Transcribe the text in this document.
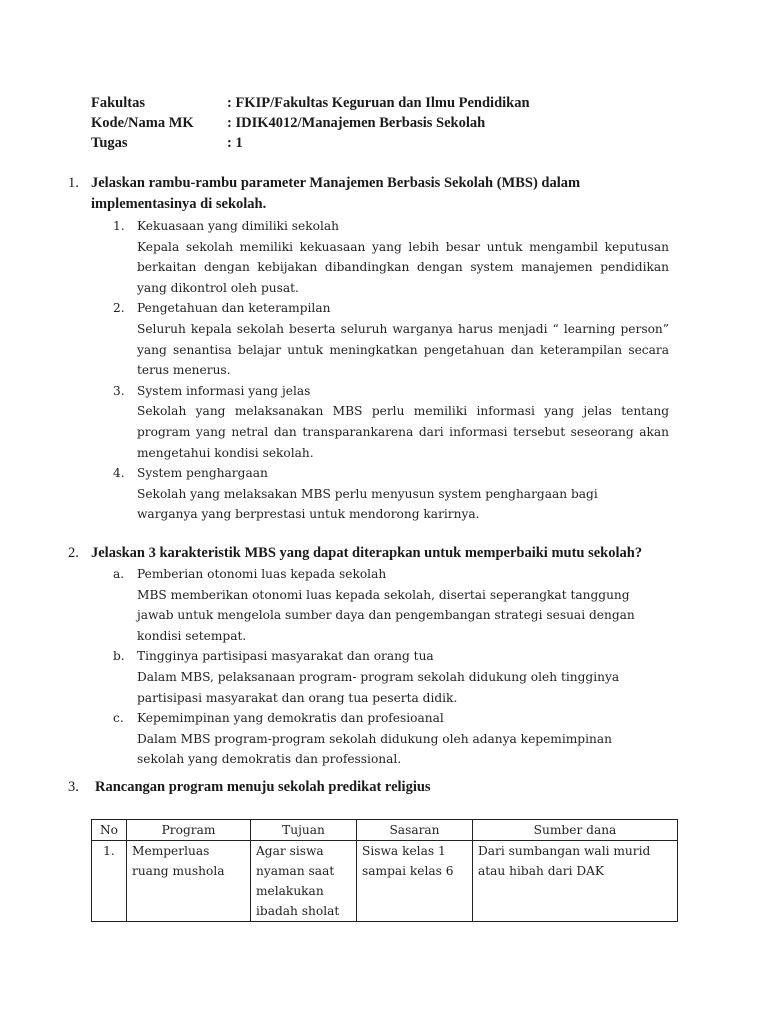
Fakultas	: FKIP/Fakultas Keguruan dan Ilmu Pendidikan
Kode/Nama MK : IDIK4012/Manajemen Berbasis Sekolah
Tugas	: 1
1. Jelaskan rambu-rambu parameter Manajemen Berbasis Sekolah (MBS) dalam
implementasinya di sekolah.
1. Kekuasaan yang dimiliki sekolah
Kepala sekolah memiliki kekuasaan yang lebih besar untuk mengambil keputusan berkaitan dengan kebijakan dibandingkan dengan system manajemen pendidikan yang dikontrol oleh pusat.
2. Pengetahuan dan keterampilan
Seluruh kepala sekolah beserta seluruh warganya harus menjadi “ learning person” yang senantisa belajar untuk meningkatkan pengetahuan dan keterampilan secara terus menerus.
3. System informasi yang jelas
Sekolah yang melaksanakan MBS perlu memiliki informasi yang jelas tentang program yang netral dan transparankarena dari informasi tersebut seseorang akan mengetahui kondisi sekolah.
4. System penghargaan
Sekolah yang melaksakan MBS perlu menyusun system penghargaan bagi warganya yang berprestasi untuk mendorong karirnya.
2. Jelaskan 3 karakteristik MBS yang dapat diterapkan untuk memperbaiki mutu sekolah?
a. Pemberian otonomi luas kepada sekolah
MBS memberikan otonomi luas kepada sekolah, disertai seperangkat tanggung jawab untuk mengelola sumber daya dan pengembangan strategi sesuai dengan kondisi setempat.
b. Tingginya partisipasi masyarakat dan orang tua
Dalam MBS, pelaksanaan program- program sekolah didukung oleh tingginya partisipasi masyarakat dan orang tua peserta didik.
c. Kepemimpinan yang demokratis dan profesioanal
Dalam MBS program-program sekolah didukung oleh adanya kepemimpinan sekolah yang demokratis dan professional.
3. Rancangan program menuju sekolah predikat religius
No	Program	Tujuan	Sasaran	Sumber dana
1.	Memperluas ruang mushola	Agar siswa nyaman saat melakukan ibadah sholat	Siswa kelas 1 sampai kelas 6	Dari sumbangan wali murid atau hibah dari DAK
